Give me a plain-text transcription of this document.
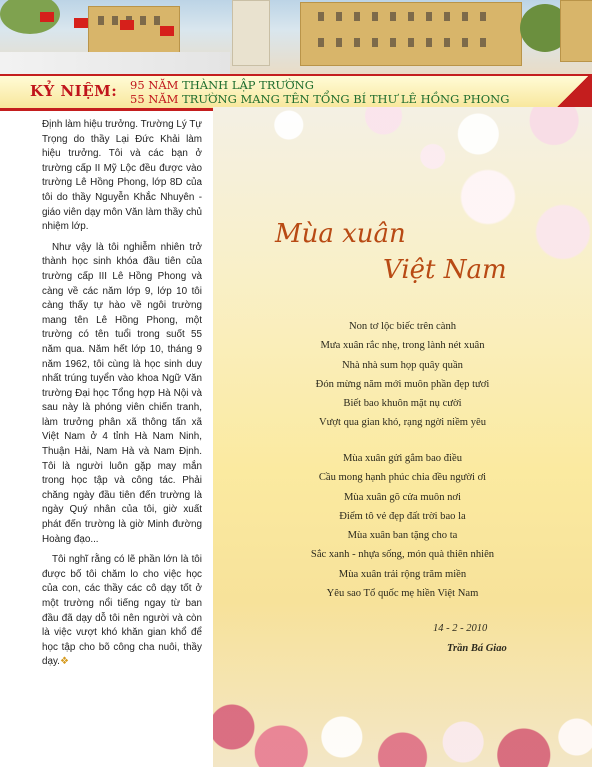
KỶ NIỆM: 95 NĂM THÀNH LẬP TRƯỜNG
55 NĂM TRƯỜNG MANG TÊN TỔNG BÍ THƯ LÊ HỒNG PHONG

Định làm hiệu trưởng. Trường Lý Tự Trọng do thầy Lại Đức Khải làm hiệu trưởng. Tôi và các bạn ở trường cấp II Mỹ Lộc đều được vào trường Lê Hồng Phong, lớp 8D của tôi do thầy Nguyễn Khắc Nhuyên - giáo viên dạy môn Văn làm thầy chủ nhiệm lớp.

Như vậy là tôi nghiễm nhiên trở thành học sinh khóa đầu tiên của trường cấp III Lê Hồng Phong và càng về các năm lớp 9, lớp 10 tôi càng thấy tự hào về ngôi trường mang tên Lê Hồng Phong, một trường có tên tuổi trong suốt 55 năm qua. Năm hết lớp 10, tháng 9 năm 1962, tôi cùng là học sinh duy nhất trúng tuyển vào khoa Ngữ Văn trường Đại học Tổng hợp Hà Nội và sau này là phóng viên chiến tranh, làm trưởng phân xã thông tấn xã Việt Nam ở 4 tỉnh Hà Nam Ninh, Thuận Hải, Nam Hà và Nam Định. Tôi là người luôn gặp may mắn trong học tập và công tác. Phải chăng ngày đầu tiên đến trường là ngày Quý nhân của tôi, giờ xuất phát đến trường là giờ Minh đường Hoàng đạo...

Tôi nghĩ rằng có lẽ phần lớn là tôi được bố tôi chăm lo cho việc học của con, các thầy các cô dạy tốt ở một trường nổi tiếng ngay từ ban đầu đã dạy dỗ tôi nên người và còn là việc vượt khó khăn gian khổ để học tập cho bõ công cha nuôi, thầy dạy.❖

Mùa xuân
Việt Nam
Non tơ lộc biếc trên cành
Mưa xuân rắc nhẹ, trong lành nét xuân
Nhà nhà sum họp quây quần
Đón mừng năm mới muôn phần đẹp tươi
Biết bao khuôn mặt nụ cười
Vượt qua gian khó, rạng ngời niềm yêu
Mùa xuân gửi gắm bao điều
Cầu mong hạnh phúc chia đều người ơi
Mùa xuân gõ cửa muôn nơi
Điểm tô vẻ đẹp đất trời bao la
Mùa xuân ban tặng cho ta
Sắc xanh - nhựa sống, món quà thiên nhiên
Mùa xuân trải rộng trăm miền
Yêu sao Tổ quốc mẹ hiền Việt Nam
14 - 2 - 2010
Trần Bá Giao
